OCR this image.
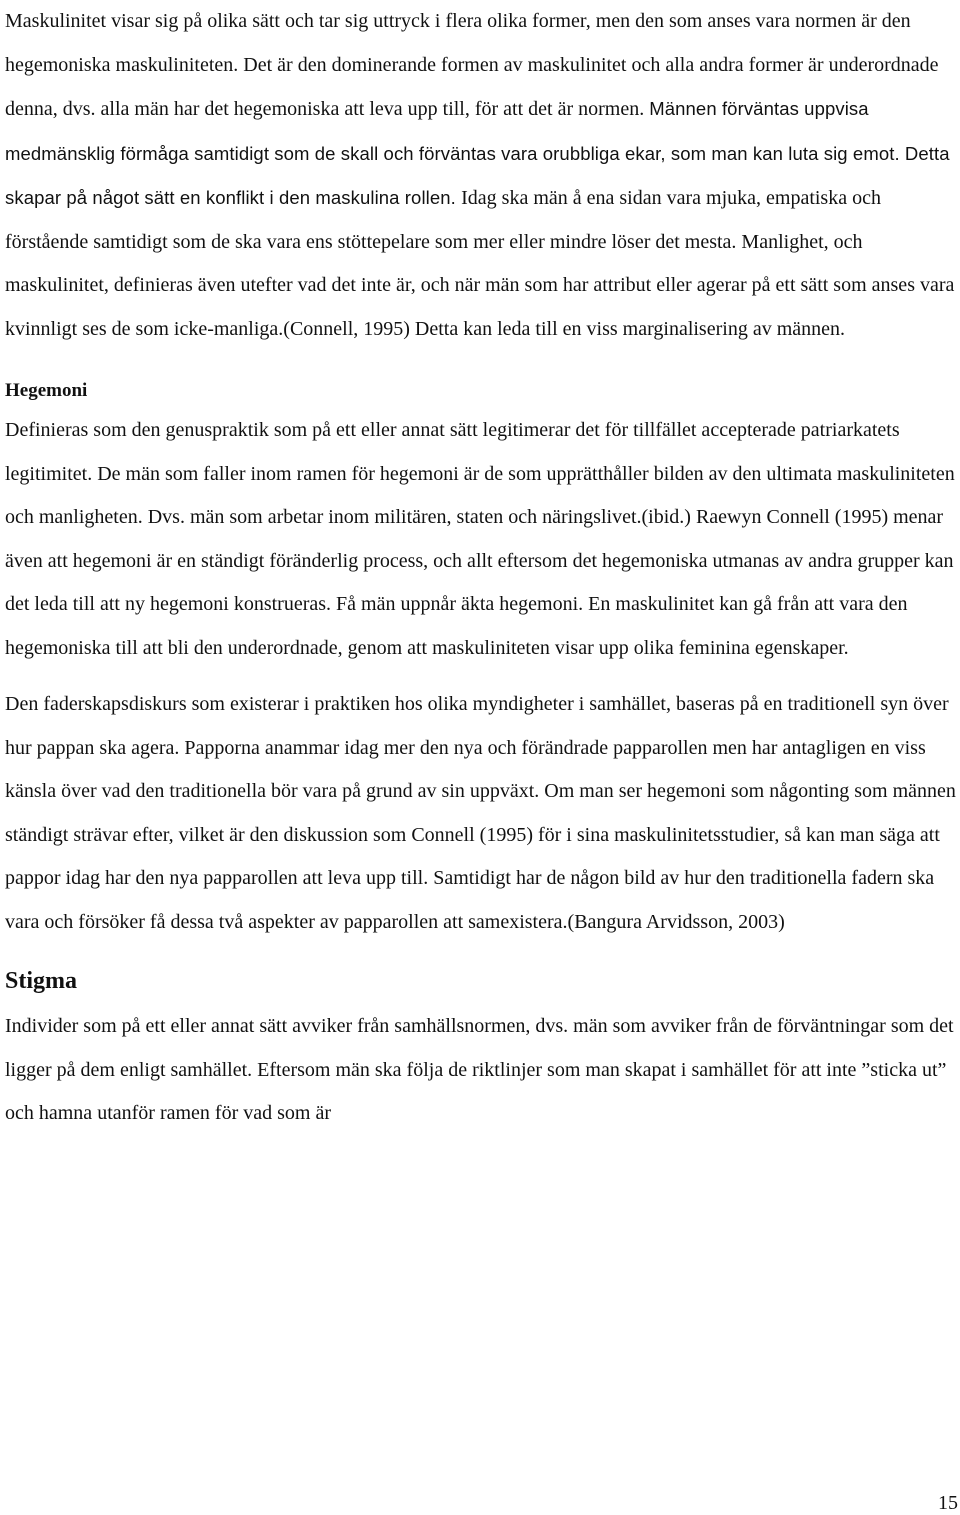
Maskulinitet visar sig på olika sätt och tar sig uttryck i flera olika former, men den som anses vara normen är den hegemoniska maskuliniteten. Det är den dominerande formen av maskulinitet och alla andra former är underordnade denna, dvs. alla män har det hegemoniska att leva upp till, för att det är normen. Männen förväntas uppvisa medmänsklig förmåga samtidigt som de skall och förväntas vara orubbliga ekar, som man kan luta sig emot. Detta skapar på något sätt en konflikt i den maskulina rollen. Idag ska män å ena sidan vara mjuka, empatiska och förstående samtidigt som de ska vara ens stöttepelare som mer eller mindre löser det mesta. Manlighet, och maskulinitet, definieras även utefter vad det inte är, och när män som har attribut eller agerar på ett sätt som anses vara kvinnligt ses de som icke-manliga.(Connell, 1995) Detta kan leda till en viss marginalisering av männen.

Hegemoni

Definieras som den genuspraktik som på ett eller annat sätt legitimerar det för tillfället accepterade patriarkatets legitimitet. De män som faller inom ramen för hegemoni är de som upprätthåller bilden av den ultimata maskuliniteten och manligheten. Dvs. män som arbetar inom militären, staten och näringslivet.(ibid.) Raewyn Connell (1995) menar även att hegemoni är en ständigt föränderlig process, och allt eftersom det hegemoniska utmanas av andra grupper kan det leda till att ny hegemoni konstrueras. Få män uppnår äkta hegemoni. En maskulinitet kan gå från att vara den hegemoniska till att bli den underordnade, genom att maskuliniteten visar upp olika feminina egenskaper.

Den faderskapsdiskurs som existerar i praktiken hos olika myndigheter i samhället, baseras på en traditionell syn över hur pappan ska agera. Papporna anammar idag mer den nya och förändrade papparollen men har antagligen en viss känsla över vad den traditionella bör vara på grund av sin uppväxt. Om man ser hegemoni som någonting som männen ständigt strävar efter, vilket är den diskussion som Connell (1995) för i sina maskulinitetsstudier, så kan man säga att pappor idag har den nya papparollen att leva upp till. Samtidigt har de någon bild av hur den traditionella fadern ska vara och försöker få dessa två aspekter av papparollen att samexistera.(Bangura Arvidsson, 2003)

Stigma

Individer som på ett eller annat sätt avviker från samhällsnormen, dvs. män som avviker från de förväntningar som det ligger på dem enligt samhället. Eftersom män ska följa de riktlinjer som man skapat i samhället för att inte ”sticka ut” och hamna utanför ramen för vad som är

15
